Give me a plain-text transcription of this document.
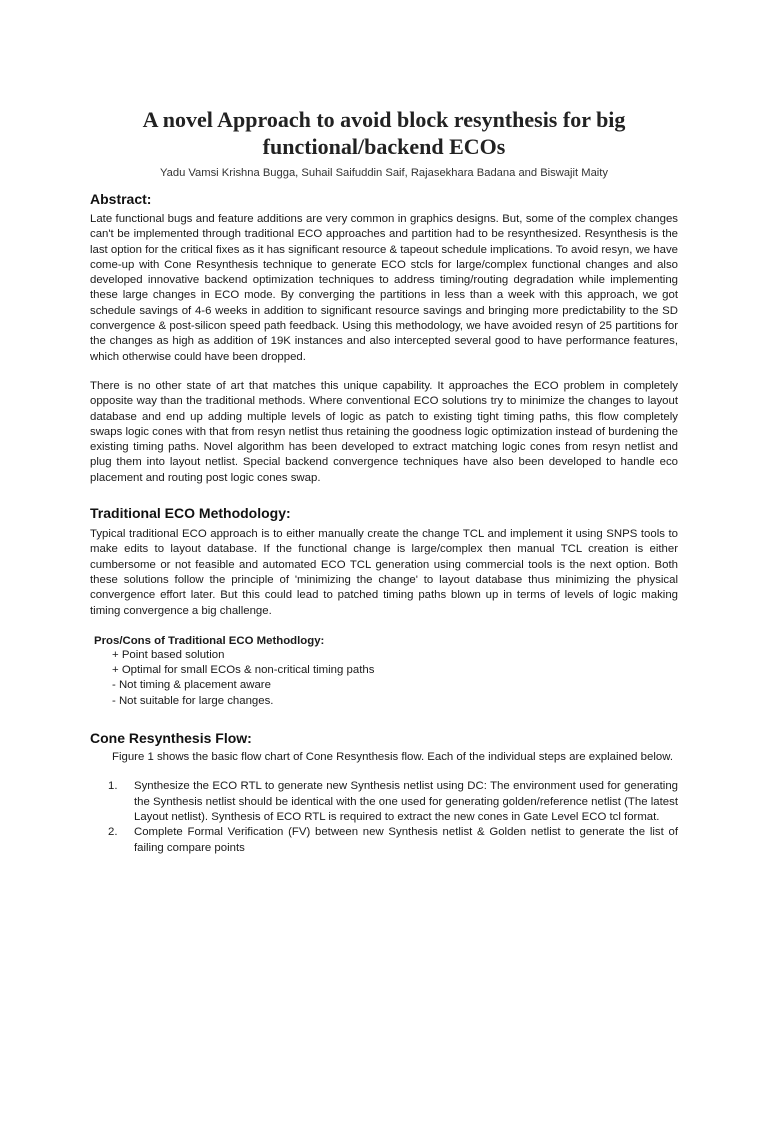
A novel Approach to avoid block resynthesis for big
functional/backend ECOs
Yadu Vamsi Krishna Bugga, Suhail Saifuddin Saif, Rajasekhara Badana and Biswajit Maity
Abstract:

Late functional bugs and feature additions are very common in graphics designs. But, some of the complex changes can't be implemented through traditional ECO approaches and partition had to be resynthesized. Resynthesis is the last option for the critical fixes as it has significant resource & tapeout schedule implications. To avoid resyn, we have come-up with Cone Resynthesis technique to generate ECO stcls for large/complex functional changes and also developed innovative backend optimization techniques to address timing/routing degradation while implementing these large changes in ECO mode. By converging the partitions in less than a week with this approach, we got schedule savings of 4-6 weeks in addition to significant resource savings and bringing more predictability to the SD convergence & post-silicon speed path feedback. Using this methodology, we have avoided resyn of 25 partitions for the changes as high as addition of 19K instances and also intercepted several good to have performance features, which otherwise could have been dropped.

There is no other state of art that matches this unique capability. It approaches the ECO problem in completely opposite way than the traditional methods. Where conventional ECO solutions try to minimize the changes to layout database and end up adding multiple levels of logic as patch to existing tight timing paths, this flow completely swaps logic cones with that from resyn netlist thus retaining the goodness logic optimization instead of burdening the existing timing paths. Novel algorithm has been developed to extract matching logic cones from resyn netlist and plug them into layout netlist. Special backend convergence techniques have also been developed to handle eco placement and routing post logic cones swap.

Traditional ECO Methodology:

Typical traditional ECO approach is to either manually create the change TCL and implement it using SNPS tools to make edits to layout database. If the functional change is large/complex then manual TCL creation is either cumbersome or not feasible and automated ECO TCL generation using commercial tools is the next option. Both these solutions follow the principle of 'minimizing the change' to layout database thus minimizing the physical convergence effort later. But this could lead to patched timing paths blown up in terms of levels of logic making timing convergence a big challenge.

Pros/Cons of Traditional ECO Methodlogy:
+ Point based solution
+ Optimal for small ECOs & non-critical timing paths
- Not timing & placement aware
- Not suitable for large changes.
Cone Resynthesis Flow:

Figure 1 shows the basic flow chart of Cone Resynthesis flow. Each of the individual steps are explained below.

1.	Synthesize the ECO RTL to generate new Synthesis netlist using DC: The environment used for generating the Synthesis netlist should be identical with the one used for generating golden/reference netlist (The latest Layout netlist). Synthesis of ECO RTL is required to extract the new cones in Gate Level ECO tcl format.
2.	Complete Formal Verification (FV) between new Synthesis netlist & Golden netlist to generate the list of failing compare points
